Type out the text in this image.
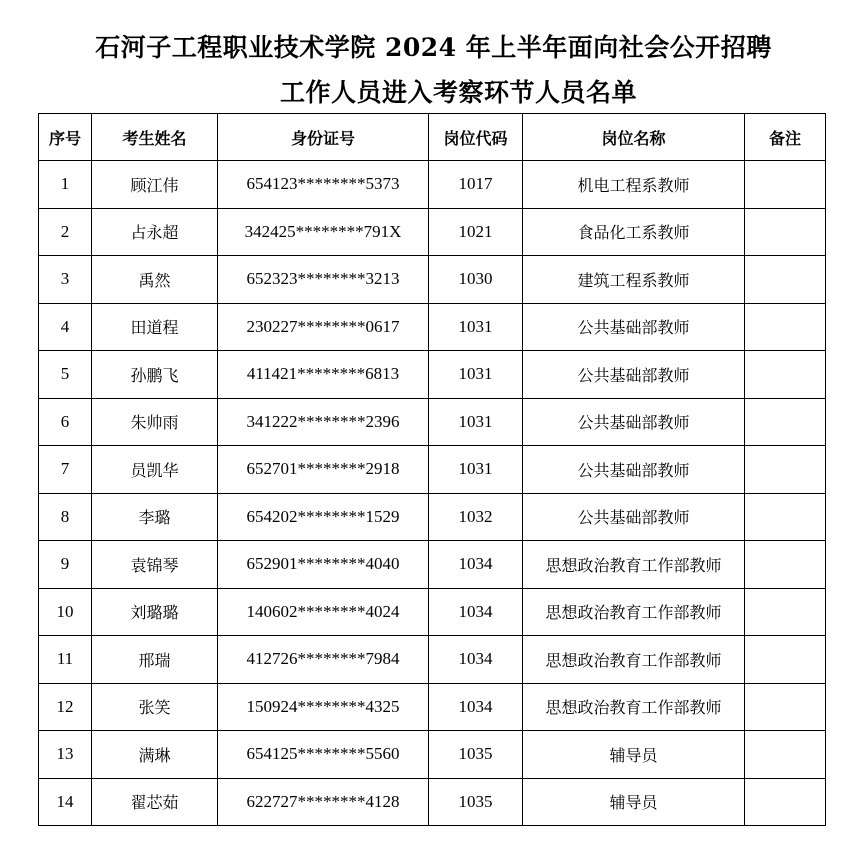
石河子工程职业技术学院 2024 年上半年面向社会公开招聘
工作人员进入考察环节人员名单
序号	考生姓名	身份证号	岗位代码	岗位名称	备注
1	顾江伟	654123********5373	1017	机电工程系教师	
2	占永超	342425********791X	1021	食品化工系教师	
3	禹然	652323********3213	1030	建筑工程系教师	
4	田道程	230227********0617	1031	公共基础部教师	
5	孙鹏飞	411421********6813	1031	公共基础部教师	
6	朱帅雨	341222********2396	1031	公共基础部教师	
7	员凯华	652701********2918	1031	公共基础部教师	
8	李璐	654202********1529	1032	公共基础部教师	
9	袁锦琴	652901********4040	1034	思想政治教育工作部教师	
10	刘璐璐	140602********4024	1034	思想政治教育工作部教师	
11	邢瑞	412726********7984	1034	思想政治教育工作部教师	
12	张笑	150924********4325	1034	思想政治教育工作部教师	
13	满琳	654125********5560	1035	辅导员	
14	翟芯茹	622727********4128	1035	辅导员	
